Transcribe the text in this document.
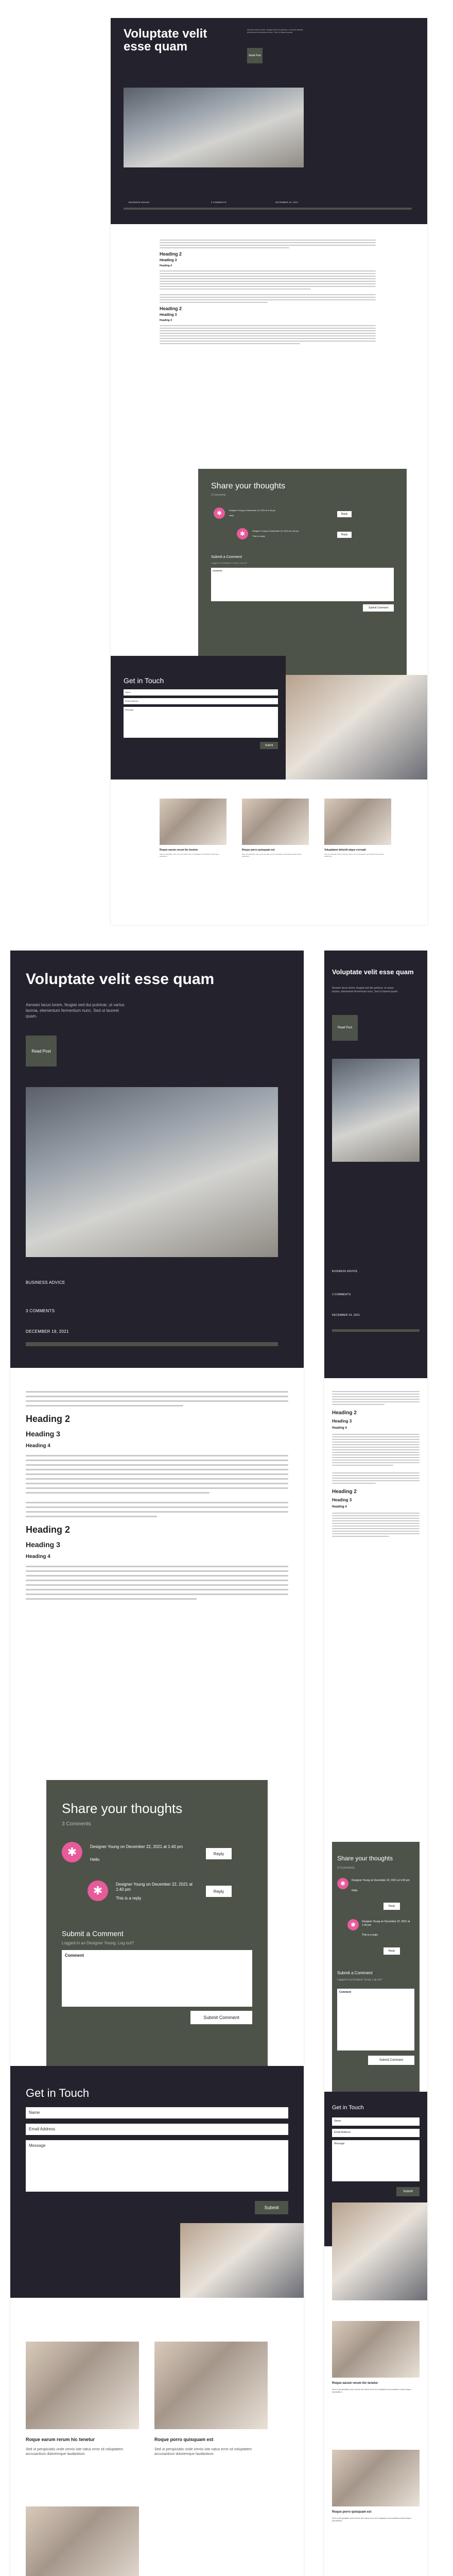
Voluptate velit esse quam
Aenean lacus lorem, feugiat sed dui pulvinar, ut varius lacinia, elementum fermentum nunc. Sed ut laoreet quam.
Read Post
BUSINESS ADVICE	3 COMMENTS	DECEMBER 19, 2021
Heading 2
Heading 3
Heading 4
Heading 2
Heading 3
Heading 4
Share your thoughts
3 Comments
✱	Designer Young on December 22, 2021 at 1:40 pm
Hello	Reply
✱	Designer Young on December 22, 2021 at 1:40 pm
This is a reply	Reply
Submit a Comment
Logged in as Designer Young. Log out?
Comment
Submit Comment
Get in Touch
Name
Email Address
Message
Submit
Roque earum rerum hic tenetur
Sed ut perspiciatis unde omnis iste natus error sit voluptatem accusantium doloremque laudantium.
Roque porro quisquam est
Sed ut perspiciatis unde omnis iste natus error sit voluptatem accusantium doloremque laudantium.
Voluptatem deleniti atque corrupti
Sed ut perspiciatis unde omnis iste natus error sit voluptatem accusantium doloremque laudantium.
Voluptate velit esse quam
Aenean lacus lorem, feugiat sed dui pulvinar, ut varius lacinia, elementum fermentum nunc. Sed ut laoreet quam.
Read Post
BUSINESS ADVICE
3 COMMENTS
DECEMBER 19, 2021
Heading 2
Heading 3
Heading 4
Heading 2
Heading 3
Heading 4
Share your thoughts
3 Comments
✱	Designer Young on December 22, 2021 at 1:40 pm
Hello
Reply
✱	Designer Young on December 22, 2021 at 1:40 pm
This is a reply
Reply
Submit a Comment
Logged in as Designer Young. Log out?
Comment
Submit Comment
Get in Touch
Name
Email Address
Message
Submit
Roque earum rerum hic tenetur
Sed ut perspiciatis unde omnis iste natus error sit voluptatem accusantium doloremque laudantium.
Roque porro quisquam est
Sed ut perspiciatis unde omnis iste natus error sit voluptatem accusantium doloremque laudantium.
Voluptate velit esse quam
Aenean lacus lorem, feugiat sed dui pulvinar, ut varius lacinia, elementum fermentum nunc. Sed ut laoreet quam.
Read Post
BUSINESS ADVICE
3 COMMENTS
DECEMBER 19, 2021
Heading 2
Heading 3
Heading 4
Heading 2
Heading 3
Heading 4
Share your thoughts
3 Comments
✱	Designer Young on December 22, 2021 at 1:40 pm
Hello
Reply
✱	Designer Young on December 22, 2021 at 1:40 pm
This is a reply
Reply
Submit a Comment
Logged in as Designer Young. Log out?
Comment
Submit Comment
Get in Touch
Name
Email Address
Message
Submit
Roque earum rerum hic tenetur
Sed ut perspiciatis unde omnis iste natus error sit voluptatem accusantium doloremque laudantium.
Roque porro quisquam est
Sed ut perspiciatis unde omnis iste natus error sit voluptatem accusantium doloremque laudantium.
